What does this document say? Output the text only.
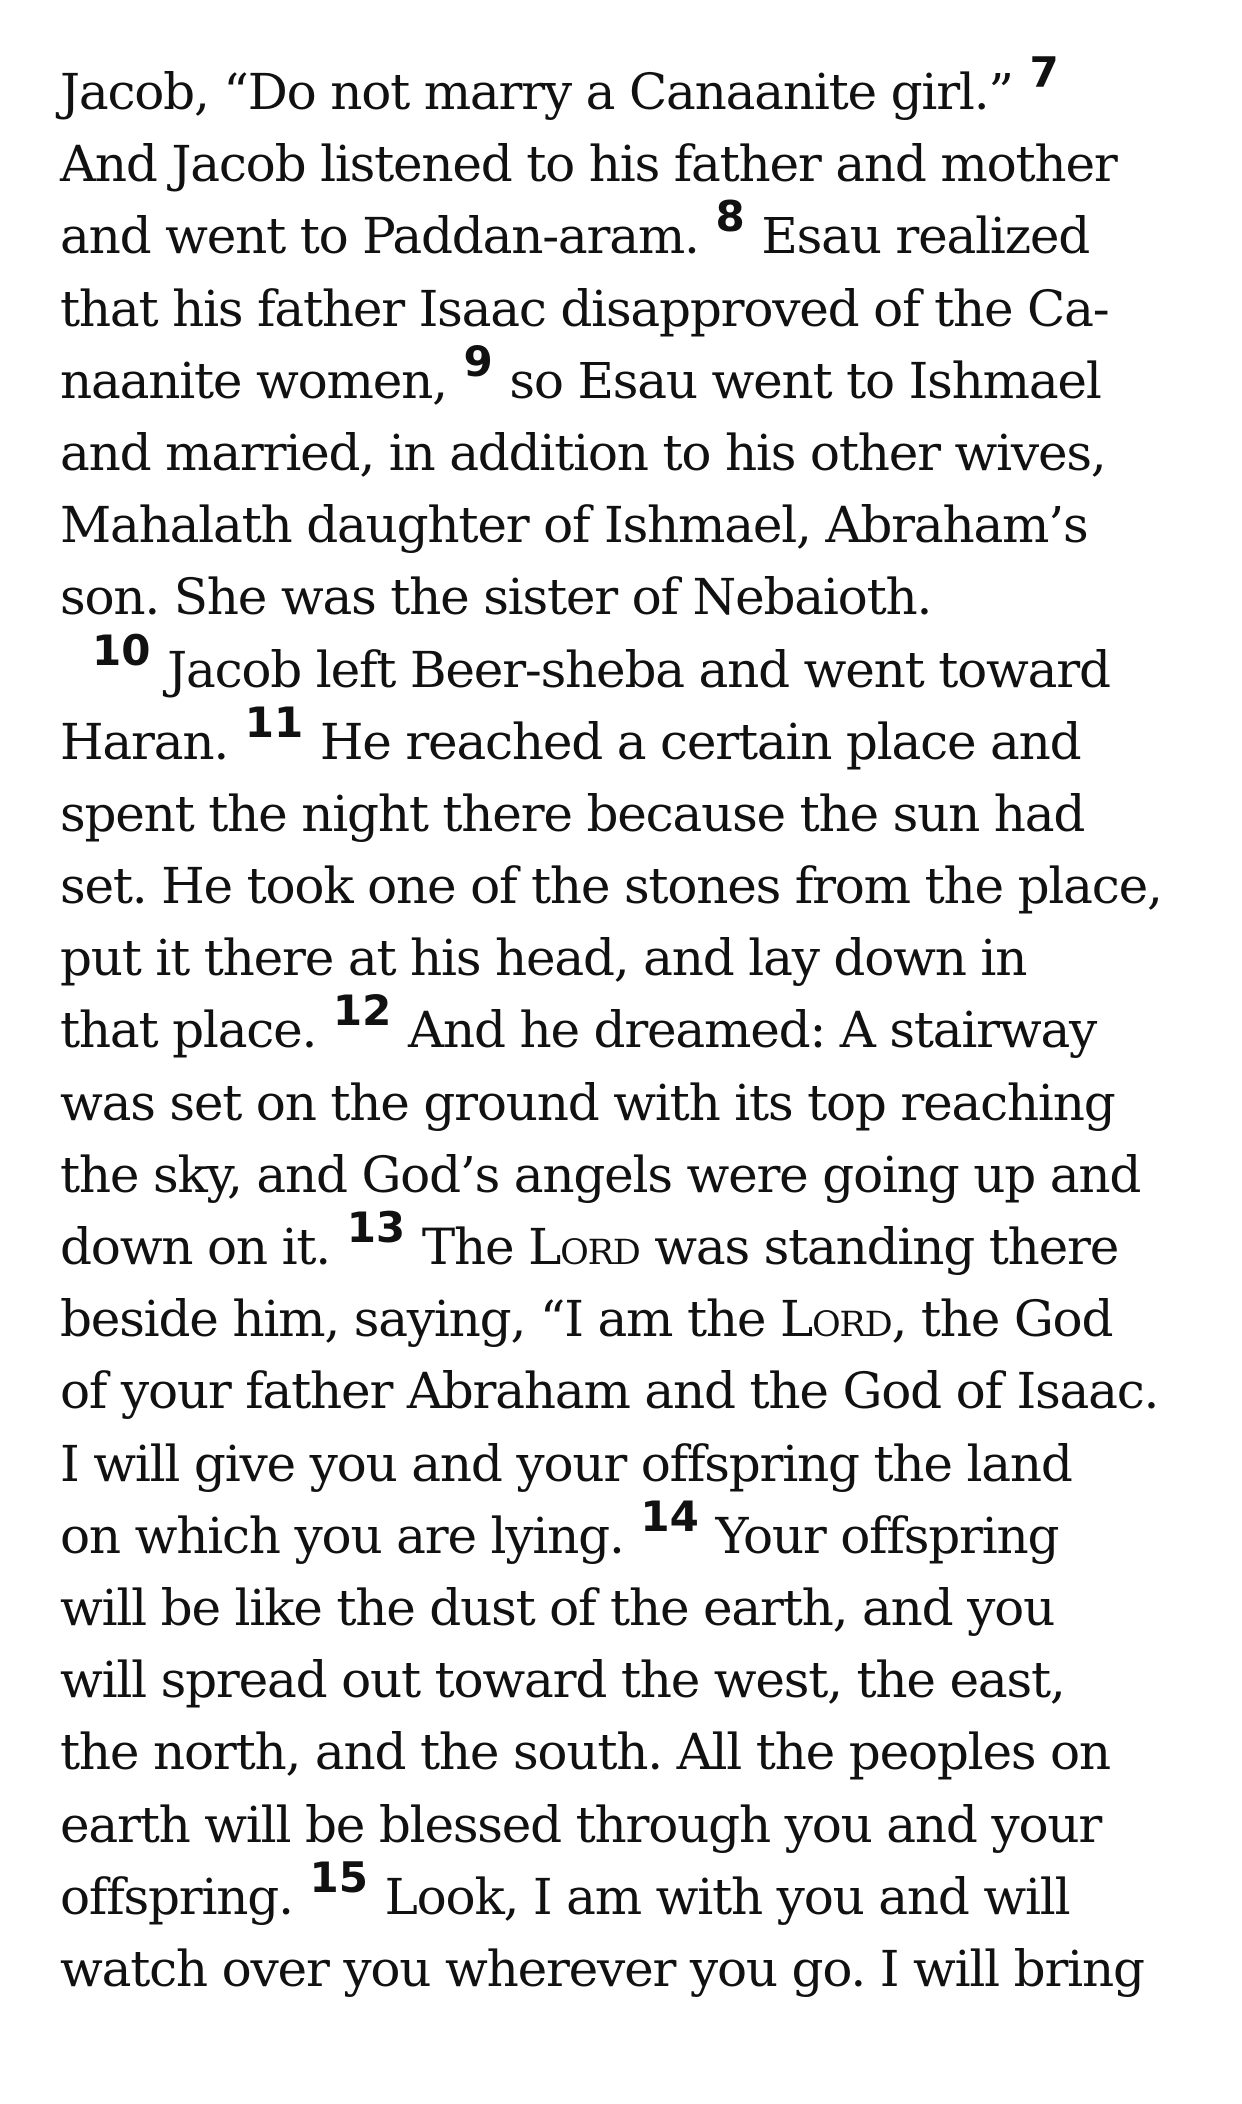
Jacob, “Do not marry a Canaanite girl.” $^7$
And Jacob listened to his father and mother
and went to Paddan-aram. $^8$ Esau realized
that his father Isaac disapproved of the Ca-
naanite women, $^9$ so Esau went to Ishmael
and married, in addition to his other wives,
Mahalath daughter of Ishmael, Abraham’s
son. She was the sister of Nebaioth.
$^{10}$ Jacob left Beer-sheba and went toward
Haran. $^{11}$ He reached a certain place and
spent the night there because the sun had
set. He took one of the stones from the place,
put it there at his head, and lay down in
that place. $^{12}$ And he dreamed: A stairway
was set on the ground with its top reaching
the sky, and God’s angels were going up and
down on it. $^{13}$ The Lord was standing there
beside him, saying, “I am the Lord, the God
of your father Abraham and the God of Isaac.
I will give you and your offspring the land
on which you are lying. $^{14}$ Your offspring
will be like the dust of the earth, and you
will spread out toward the west, the east,
the north, and the south. All the peoples on
earth will be blessed through you and your
offspring. $^{15}$ Look, I am with you and will
watch over you wherever you go. I will bring
